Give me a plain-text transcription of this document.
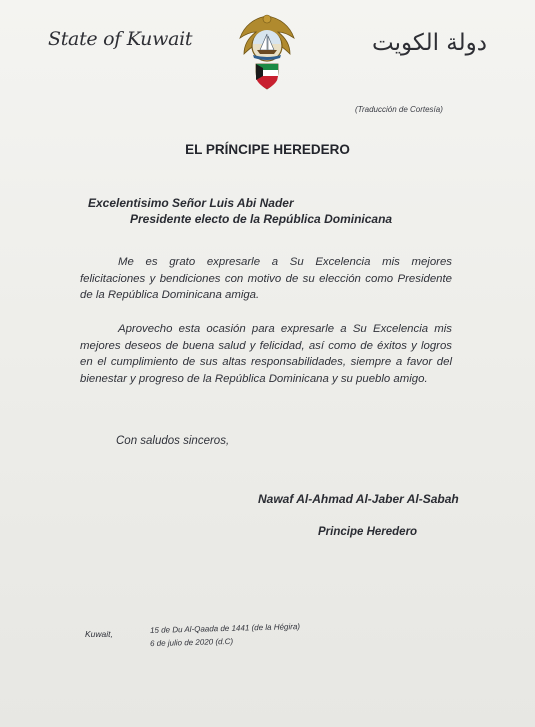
State of Kuwait	دولة الكويت
(Traducción de Cortesía)
EL PRÍNCIPE HEREDERO
Excelentisimo Señor Luis Abi Nader
Presidente electo de la República Dominicana
Me es grato expresarle a Su Excelencia mis mejores felicitaciones y bendiciones con motivo de su elección como Presidente de la República Dominicana amiga.
Aprovecho esta ocasión para expresarle a Su Excelencia mis mejores deseos de buena salud y felicidad, así como de éxitos y logros en el cumplimiento de sus altas responsabilidades, siempre a favor del bienestar y progreso de la República Dominicana y su pueblo amigo.
Con saludos sinceros,
Nawaf Al-Ahmad Al-Jaber Al-Sabah
Principe Heredero
Kuwait,	15 de Du Al-Qaada de 1441 (de la Hégira)
6 de julio de 2020 (d.C)
